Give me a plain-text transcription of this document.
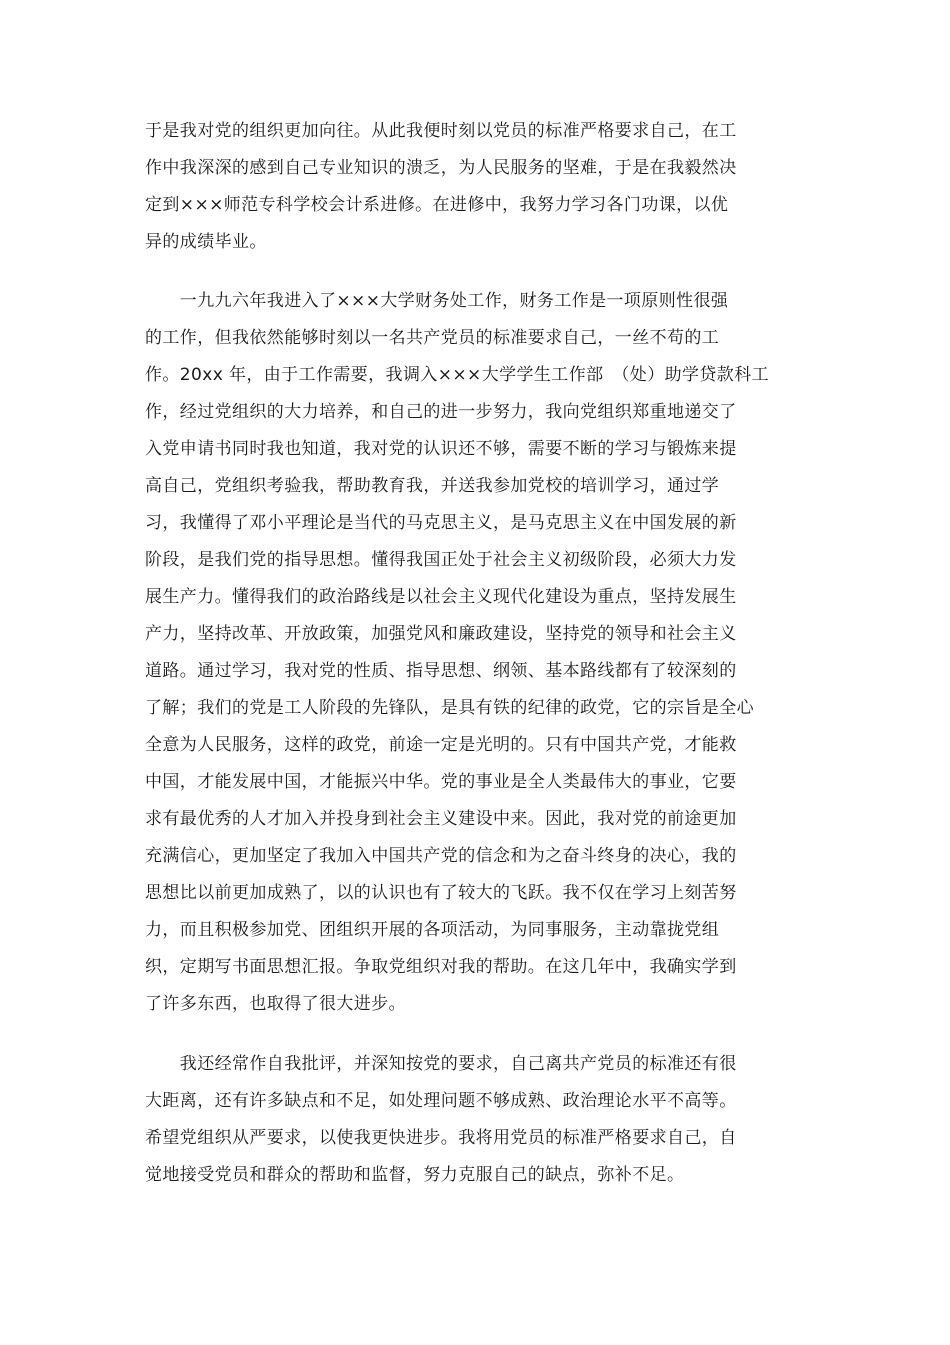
于是我对党的组织更加向往。从此我便时刻以党员的标准严格要求自己，在工
作中我深深的感到自己专业知识的溃乏，为人民服务的坚难，于是在我毅然决
定到×××师范专科学校会计系进修。在进修中，我努力学习各门功课，以优
异的成绩毕业。
　　一九九六年我进入了×××大学财务处工作，财务工作是一项原则性很强
的工作，但我依然能够时刻以一名共产党员的标准要求自己，一丝不苟的工
作。20xx 年，由于工作需要，我调入×××大学学生工作部　（处）助学贷款科工
作，经过党组织的大力培养，和自己的进一步努力，我向党组织郑重地递交了
入党申请书同时我也知道，我对党的认识还不够，需要不断的学习与锻炼来提
高自己，党组织考验我，帮助教育我，并送我参加党校的培训学习，通过学
习，我懂得了邓小平理论是当代的马克思主义，是马克思主义在中国发展的新
阶段，是我们党的指导思想。懂得我国正处于社会主义初级阶段，必须大力发
展生产力。懂得我们的政治路线是以社会主义现代化建设为重点，坚持发展生
产力，坚持改革、开放政策，加强党风和廉政建设，坚持党的领导和社会主义
道路。通过学习，我对党的性质、指导思想、纲领、基本路线都有了较深刻的
了解；我们的党是工人阶段的先锋队，是具有铁的纪律的政党，它的宗旨是全心
全意为人民服务，这样的政党，前途一定是光明的。只有中国共产党，才能救
中国，才能发展中国，才能振兴中华。党的事业是全人类最伟大的事业，它要
求有最优秀的人才加入并投身到社会主义建设中来。因此，我对党的前途更加
充满信心，更加坚定了我加入中国共产党的信念和为之奋斗终身的决心，我的
思想比以前更加成熟了，以的认识也有了较大的飞跃。我不仅在学习上刻苦努
力，而且积极参加党、团组织开展的各项活动，为同事服务，主动靠拢党组
织，定期写书面思想汇报。争取党组织对我的帮助。在这几年中，我确实学到
了许多东西，也取得了很大进步。
　　我还经常作自我批评，并深知按党的要求，自己离共产党员的标准还有很
大距离，还有许多缺点和不足，如处理问题不够成熟、政治理论水平不高等。
希望党组织从严要求，以使我更快进步。我将用党员的标准严格要求自己，自
觉地接受党员和群众的帮助和监督，努力克服自己的缺点，弥补不足。
